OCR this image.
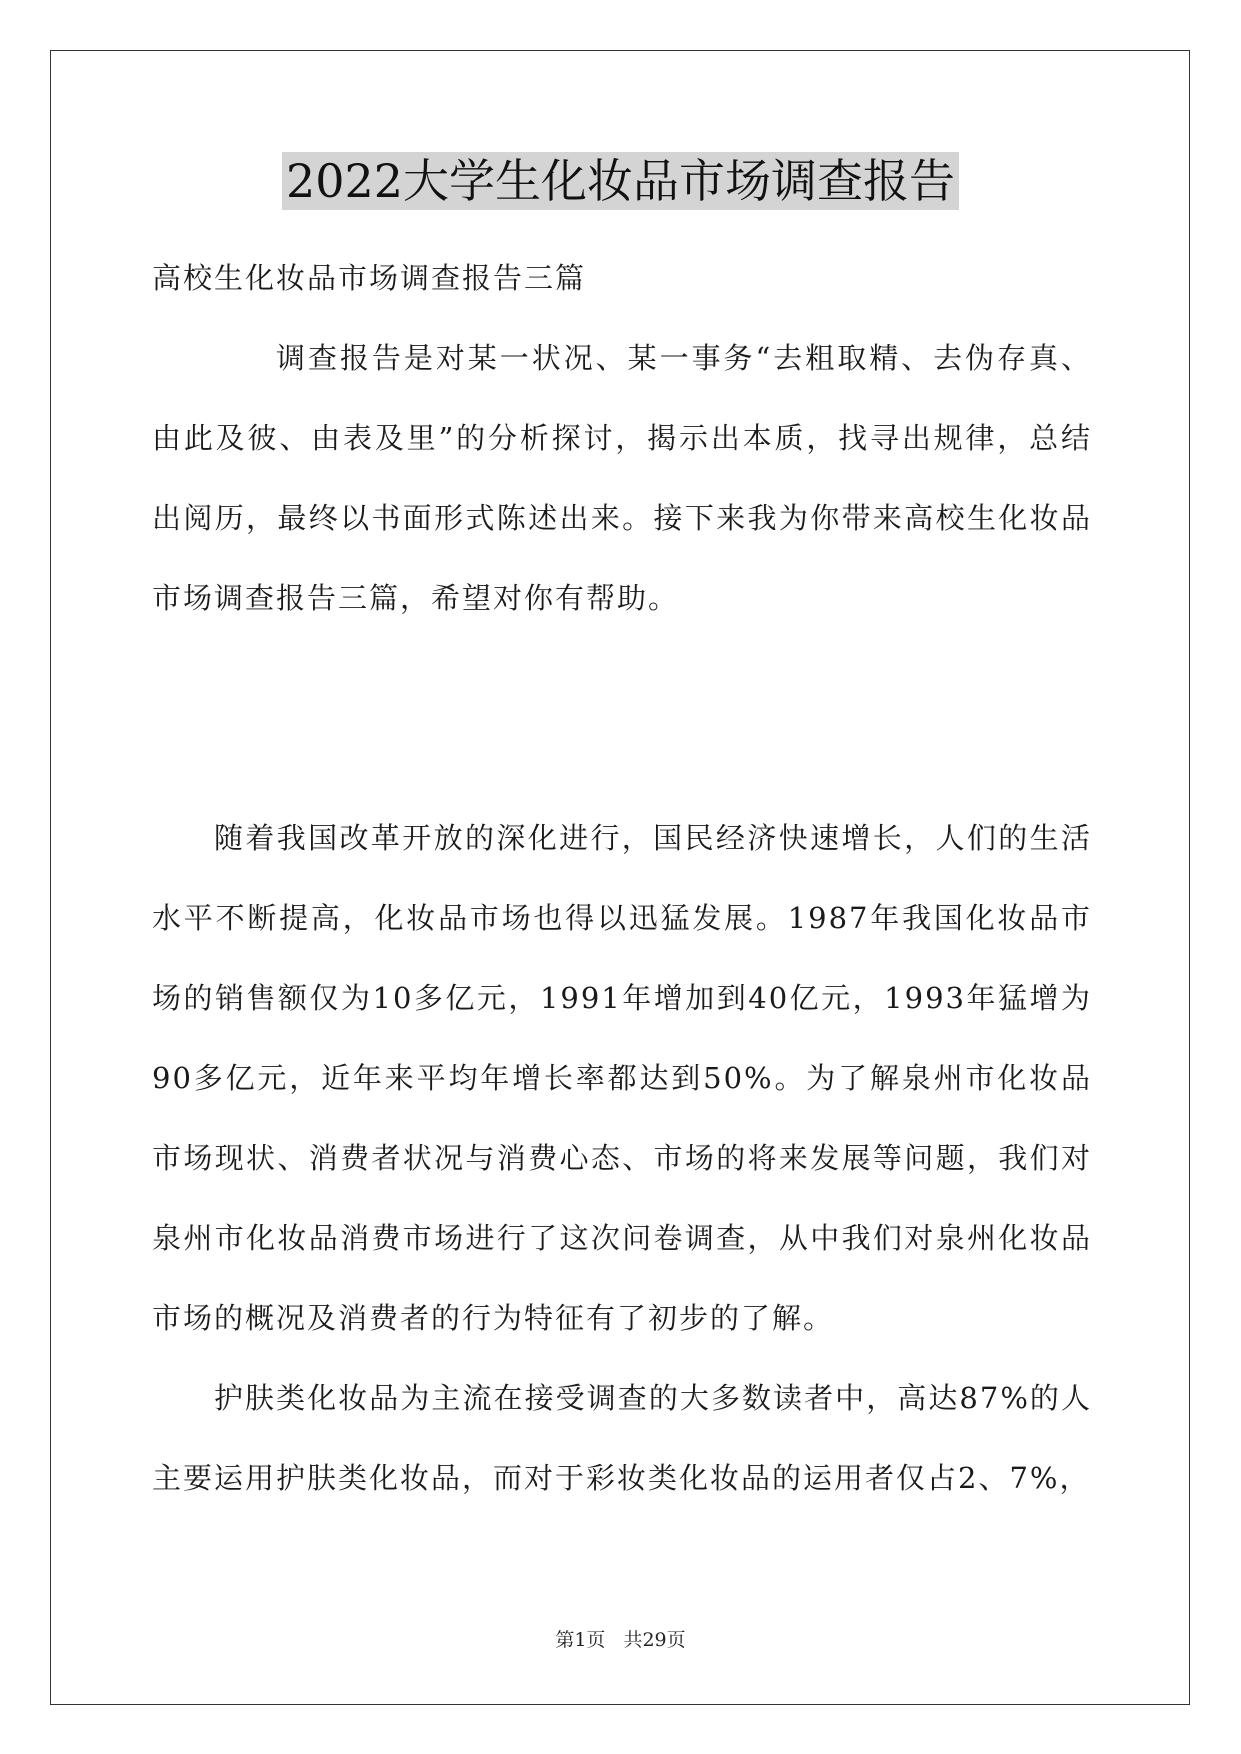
2022大学生化妆品市场调查报告

高校生化妆品市场调查报告三篇

调查报告是对某一状况、某一事务“去粗取精、去伪存真、由此及彼、由表及里”的分析探讨，揭示出本质，找寻出规律，总结出阅历，最终以书面形式陈述出来。接下来我为你带来高校生化妆品市场调查报告三篇，希望对你有帮助。

随着我国改革开放的深化进行，国民经济快速增长，人们的生活水平不断提高，化妆品市场也得以迅猛发展。1987年我国化妆品市场的销售额仅为10多亿元，1991年增加到40亿元，1993年猛增为90多亿元，近年来平均年增长率都达到50%。为了解泉州市化妆品市场现状、消费者状况与消费心态、市场的将来发展等问题，我们对泉州市化妆品消费市场进行了这次问卷调查，从中我们对泉州化妆品市场的概况及消费者的行为特征有了初步的了解。

护肤类化妆品为主流在接受调查的大多数读者中，高达87%的人主要运用护肤类化妆品，而对于彩妆类化妆品的运用者仅占2、7%，

第1页 共29页
